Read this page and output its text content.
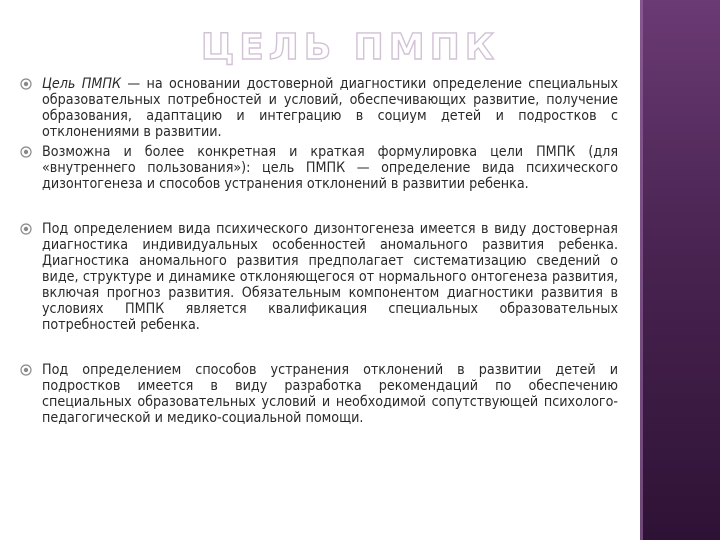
ЦЕЛЬ ПМПК
Цель ПМПК — на основании достоверной диагностики определение специальных образовательных потребностей и условий, обеспечивающих развитие, получение образования, адаптацию и интеграцию в социум детей и подростков с отклонениями в развитии.
Возможна и более конкретная и краткая формулировка цели ПМПК (для «внутреннего пользования»): цель ПМПК — определение вида психического дизонтогенеза и способов устранения отклонений в развитии ребенка.
Под определением вида психического дизонтогенеза имеется в виду достоверная диагностика индивидуальных особенностей аномального развития ребенка. Диагностика аномального развития предполагает систематизацию сведений о виде, структуре и динамике отклоняющегося от нормального онтогенеза развития, включая прогноз развития. Обязательным компонентом диагностики развития в условиях ПМПК является квалификация специальных образовательных потребностей ребенка.
Под определением способов устранения отклонений в развитии детей и подростков имеется в виду разработка рекомендаций по обеспечению специальных образовательных условий и необходимой сопутствующей психолого-педагогической и медико-социальной помощи.
